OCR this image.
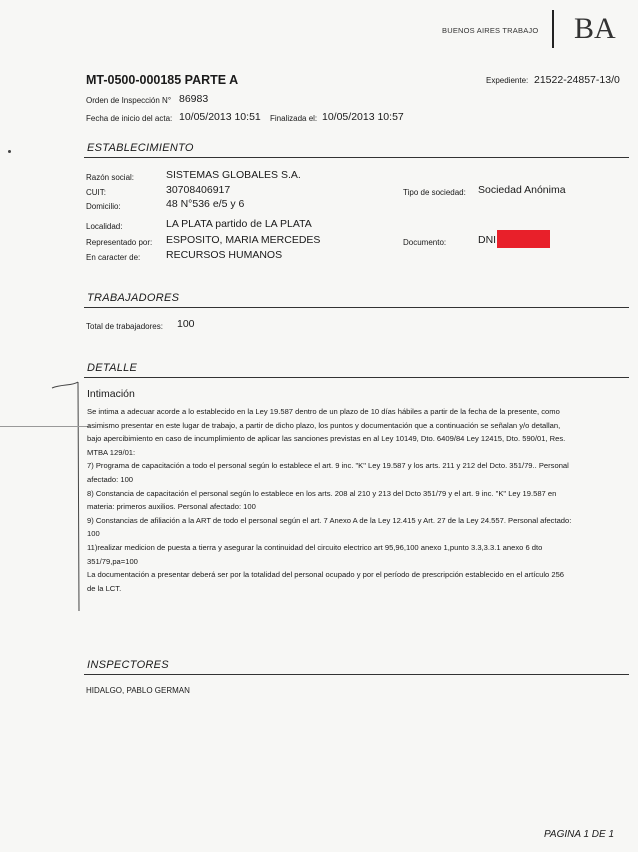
BUENOS AIRES TRABAJO BA
MT-0500-000185 PARTE A	Expediente: 21522-24857-13/0
Orden de Inspección N° 86983
Fecha de inicio del acta: 10/05/2013 10:51 Finalizada el: 10/05/2013 10:57
ESTABLECIMIENTO
Razón social:	SISTEMAS GLOBALES S.A.
CUIT:	30708406917	Tipo de sociedad: Sociedad Anónima
Domicilio:	48 N°536 e/5 y 6
Localidad:	LA PLATA partido de LA PLATA
Representado por: ESPOSITO, MARIA MERCEDES	Documento:	DNI
En caracter de: RECURSOS HUMANOS
TRABAJADORES
Total de trabajadores: 100
DETALLE
Intimación

Se intima a adecuar acorde a lo establecido en la Ley 19.587 dentro de un plazo de 10 días hábiles a partir de la fecha de la presente, como

asimismo presentar en este lugar de trabajo, a partir de dicho plazo, los puntos y documentación que a continuación se señalan y/o detallan,

bajo apercibimiento en caso de incumplimiento de aplicar las sanciones previstas en al Ley 10149, Dto. 6409/84 Ley 12415, Dto. 590/01, Res.

MTBA 129/01:

7) Programa de capacitación a todo el personal según lo establece el art. 9 inc. "K" Ley 19.587 y los arts. 211 y 212 del Dcto. 351/79.. Personal

afectado: 100

8) Constancia de capacitación el personal según lo establece en los arts. 208 al 210 y 213 del Dcto 351/79 y el art. 9 inc. "K" Ley 19.587 en

materia: primeros auxilios. Personal afectado: 100

9) Constancias de afiliación a la ART de todo el personal según el art. 7 Anexo A de la Ley 12.415 y Art. 27 de la Ley 24.557. Personal afectado:

100

11)realizar medicion de puesta a tierra y asegurar la continuidad del circuito electrico art 95,96,100 anexo 1,punto 3.3,3.3.1 anexo 6 dto

351/79,pa=100

La documentación a presentar deberá ser por la totalidad del personal ocupado y por el período de prescripción establecido en el artículo 256

de la LCT.

INSPECTORES
HIDALGO, PABLO GERMAN
PAGINA 1 DE 1
